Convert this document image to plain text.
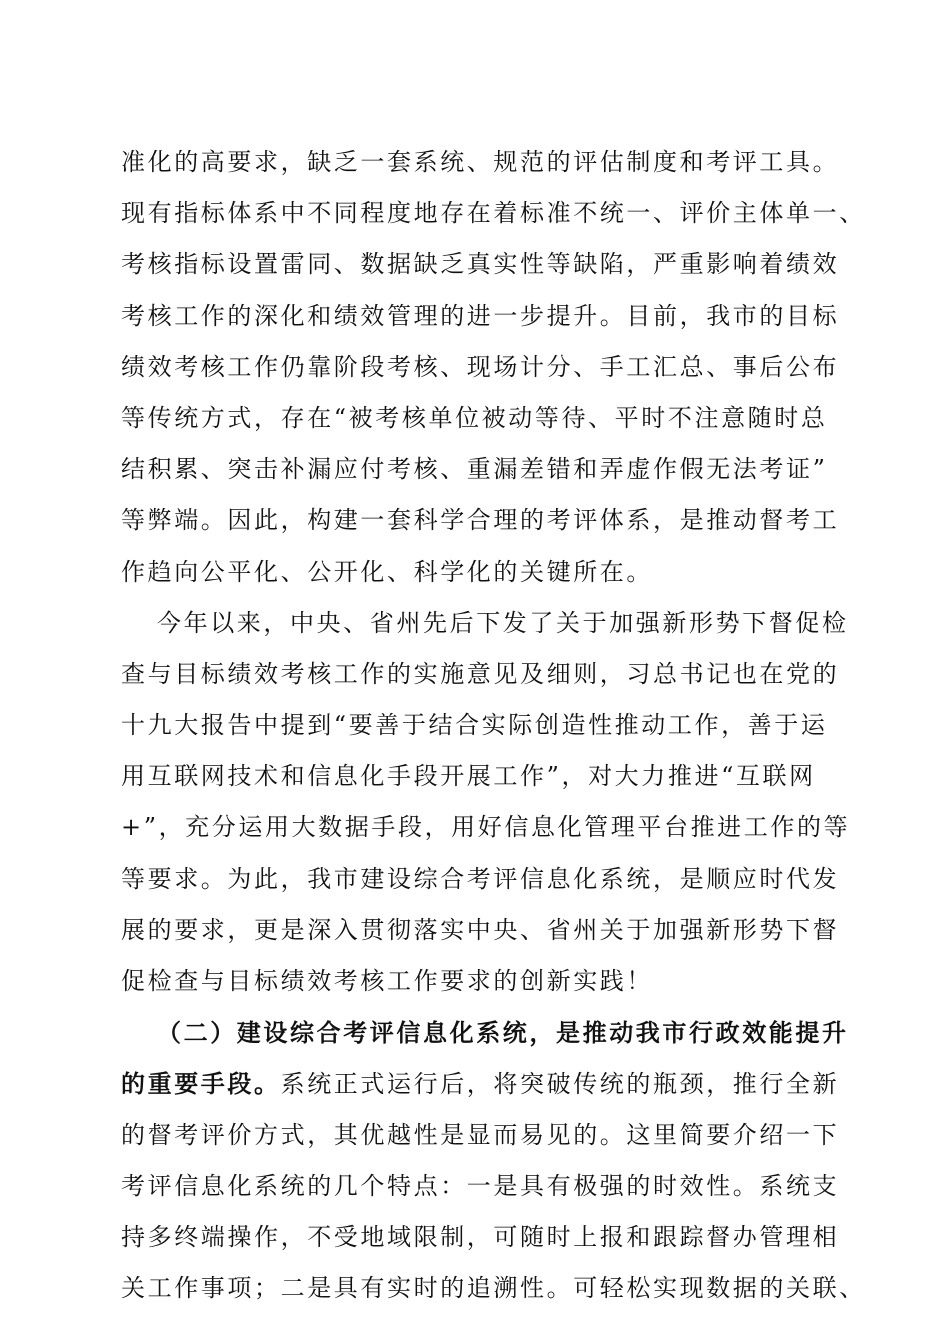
准化的高要求，缺乏一套系统、规范的评估制度和考评工具。
现有指标体系中不同程度地存在着标准不统一、评价主体单一、
考核指标设置雷同、数据缺乏真实性等缺陷，严重影响着绩效
考核工作的深化和绩效管理的进一步提升。目前，我市的目标
绩效考核工作仍靠阶段考核、现场计分、手工汇总、事后公布
等传统方式，存在“被考核单位被动等待、平时不注意随时总
结积累、突击补漏应付考核、重漏差错和弄虚作假无法考证”
等弊端。因此，构建一套科学合理的考评体系，是推动督考工
作趋向公平化、公开化、科学化的关键所在。
今年以来，中央、省州先后下发了关于加强新形势下督促检
查与目标绩效考核工作的实施意见及细则，习总书记也在党的
十九大报告中提到“要善于结合实际创造性推动工作，善于运
用互联网技术和信息化手段开展工作”，对大力推进“互联网
+”，充分运用大数据手段，用好信息化管理平台推进工作的等
等要求。为此，我市建设综合考评信息化系统，是顺应时代发
展的要求，更是深入贯彻落实中央、省州关于加强新形势下督
促检查与目标绩效考核工作要求的创新实践！
（二）建设综合考评信息化系统，是推动我市行政效能提升
的重要手段。系统正式运行后，将突破传统的瓶颈，推行全新
的督考评价方式，其优越性是显而易见的。这里简要介绍一下
考评信息化系统的几个特点：一是具有极强的时效性。系统支
持多终端操作，不受地域限制，可随时上报和跟踪督办管理相
关工作事项；二是具有实时的追溯性。可轻松实现数据的关联、
